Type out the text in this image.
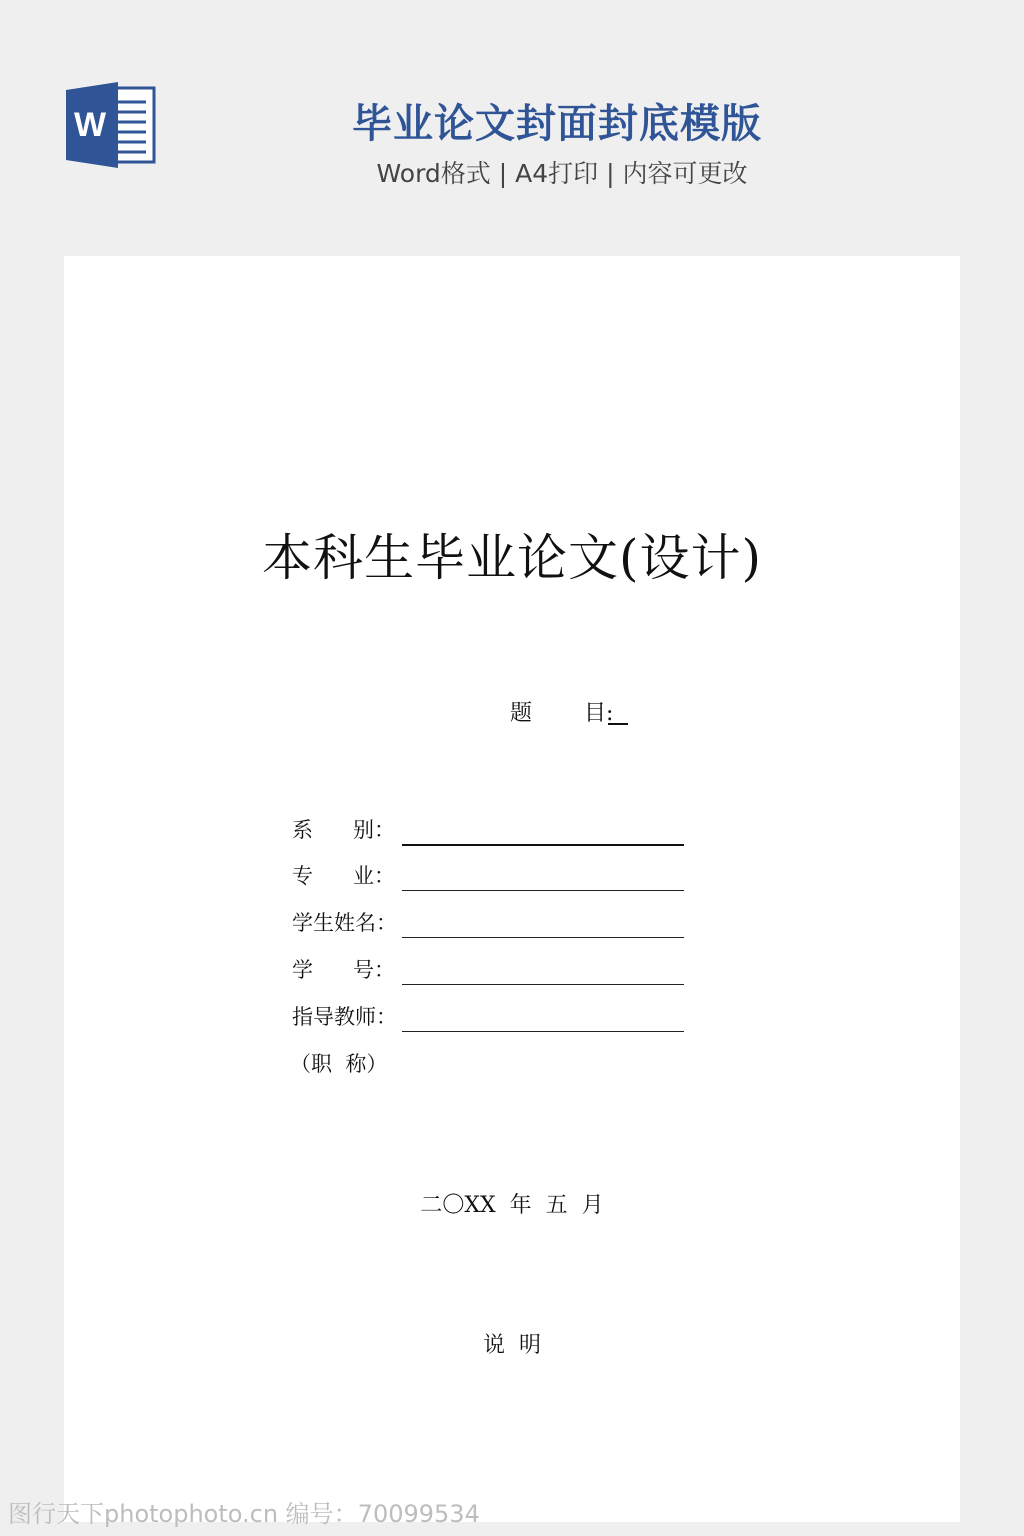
W	毕业论文封面封底模版
Word格式 | A4打印 | 内容可更改
本科生毕业论文(设计)
题 目:
系      别：
专      业：
学生姓名：
学      号：
指导教师：
（职  称）
二〇XX  年  五  月
说  明
图行天下photophoto.cn 编号：70099534
